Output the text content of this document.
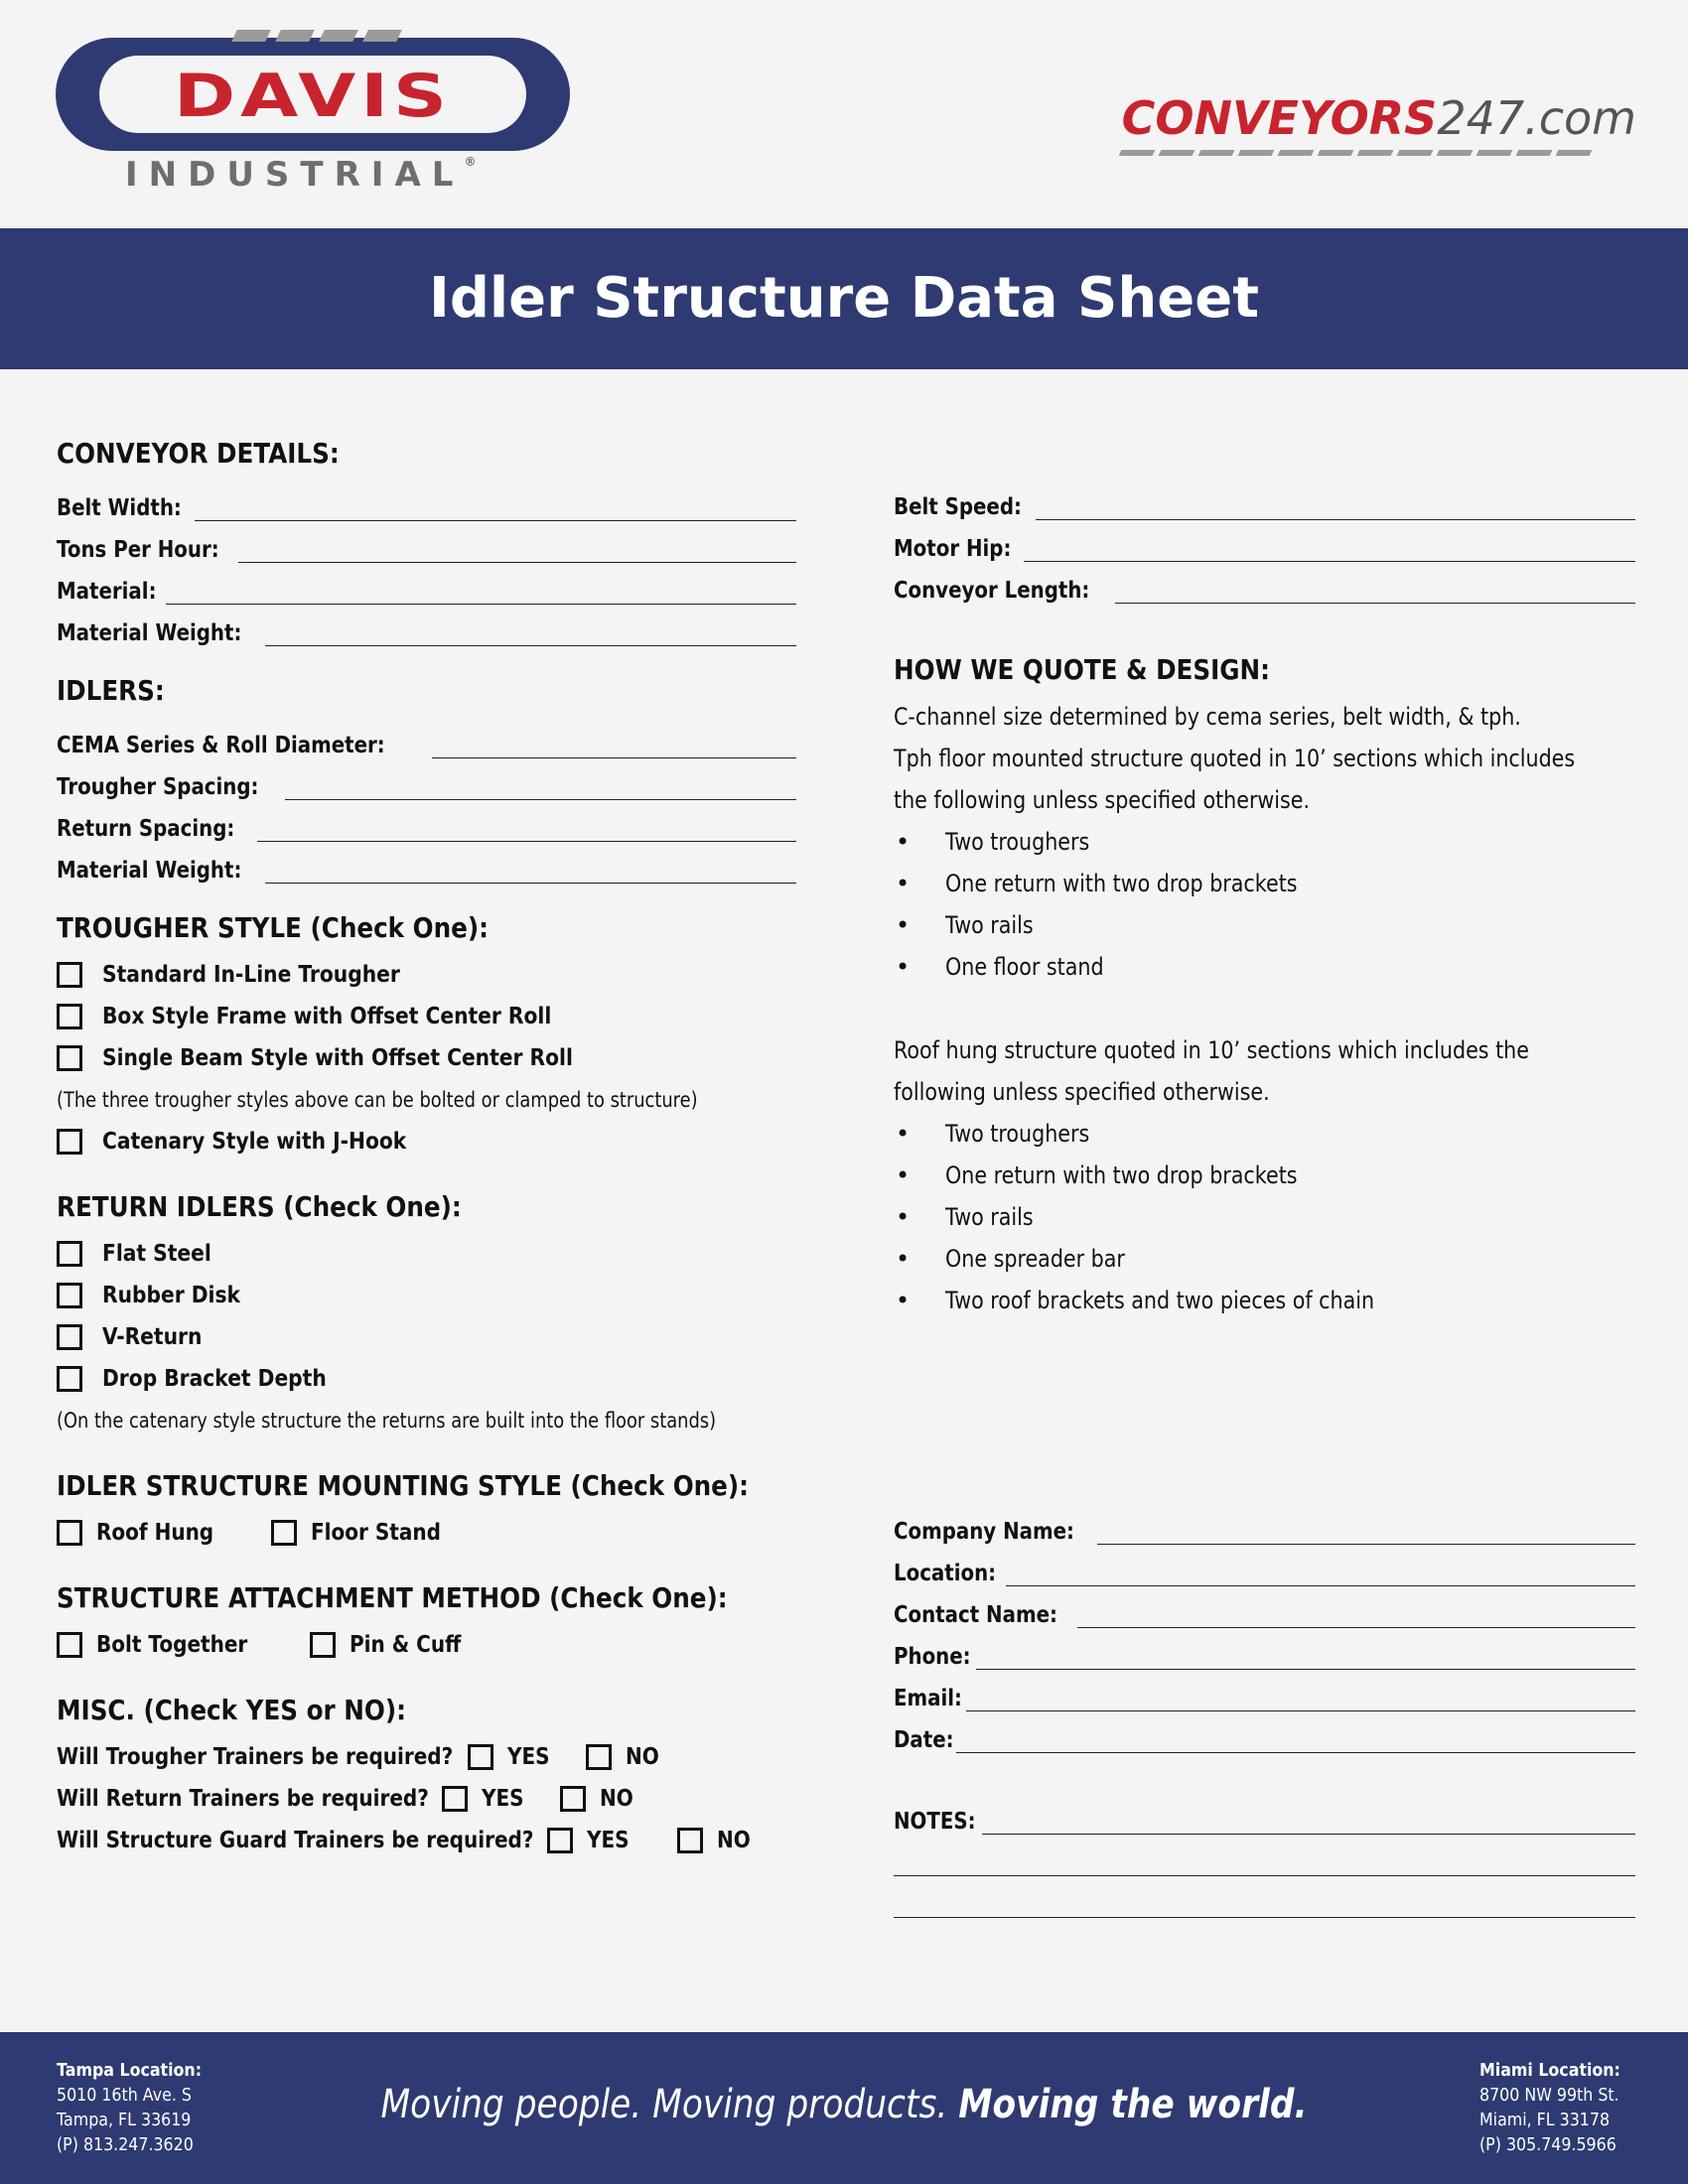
DAVIS
INDUSTRIAL®
CONVEYORS247.com
Idler Structure Data Sheet
CONVEYOR DETAILS:
Belt Width:
Tons Per Hour:
Material:
Material Weight:
IDLERS:
CEMA Series & Roll Diameter:
Trougher Spacing:
Return Spacing:
Material Weight:
TROUGHER STYLE (Check One):
Standard In-Line Trougher
Box Style Frame with Offset Center Roll
Single Beam Style with Offset Center Roll
(The three trougher styles above can be bolted or clamped to structure)
Catenary Style with J-Hook
RETURN IDLERS (Check One):
Flat Steel
Rubber Disk
V-Return
Drop Bracket Depth
(On the catenary style structure the returns are built into the floor stands)
IDLER STRUCTURE MOUNTING STYLE (Check One):
Roof Hung	Floor Stand
STRUCTURE ATTACHMENT METHOD (Check One):
Bolt Together	Pin & Cuff
MISC. (Check YES or NO):
Will Trougher Trainers be required? YES	NO
Will Return Trainers be required? YES	NO
Will Structure Guard Trainers be required? YES	NO
Belt Speed:
Motor Hip:
Conveyor Length:
HOW WE QUOTE & DESIGN:
C-channel size determined by cema series, belt width, & tph.
Tph floor mounted structure quoted in 10’ sections which includes
the following unless specified otherwise.
•	Two troughers
•	One return with two drop brackets
•	Two rails
•	One floor stand
Roof hung structure quoted in 10’ sections which includes the
following unless specified otherwise.
•	Two troughers
•	One return with two drop brackets
•	Two rails
•	One spreader bar
•	Two roof brackets and two pieces of chain
Company Name:
Location:
Contact Name:
Phone:
Email:
Date:
NOTES:
Tampa Location:
5010 16th Ave. S
Tampa, FL 33619
(P) 813.247.3620
Moving people. Moving products. Moving the world.
Miami Location:
8700 NW 99th St.
Miami, FL 33178
(P) 305.749.5966
